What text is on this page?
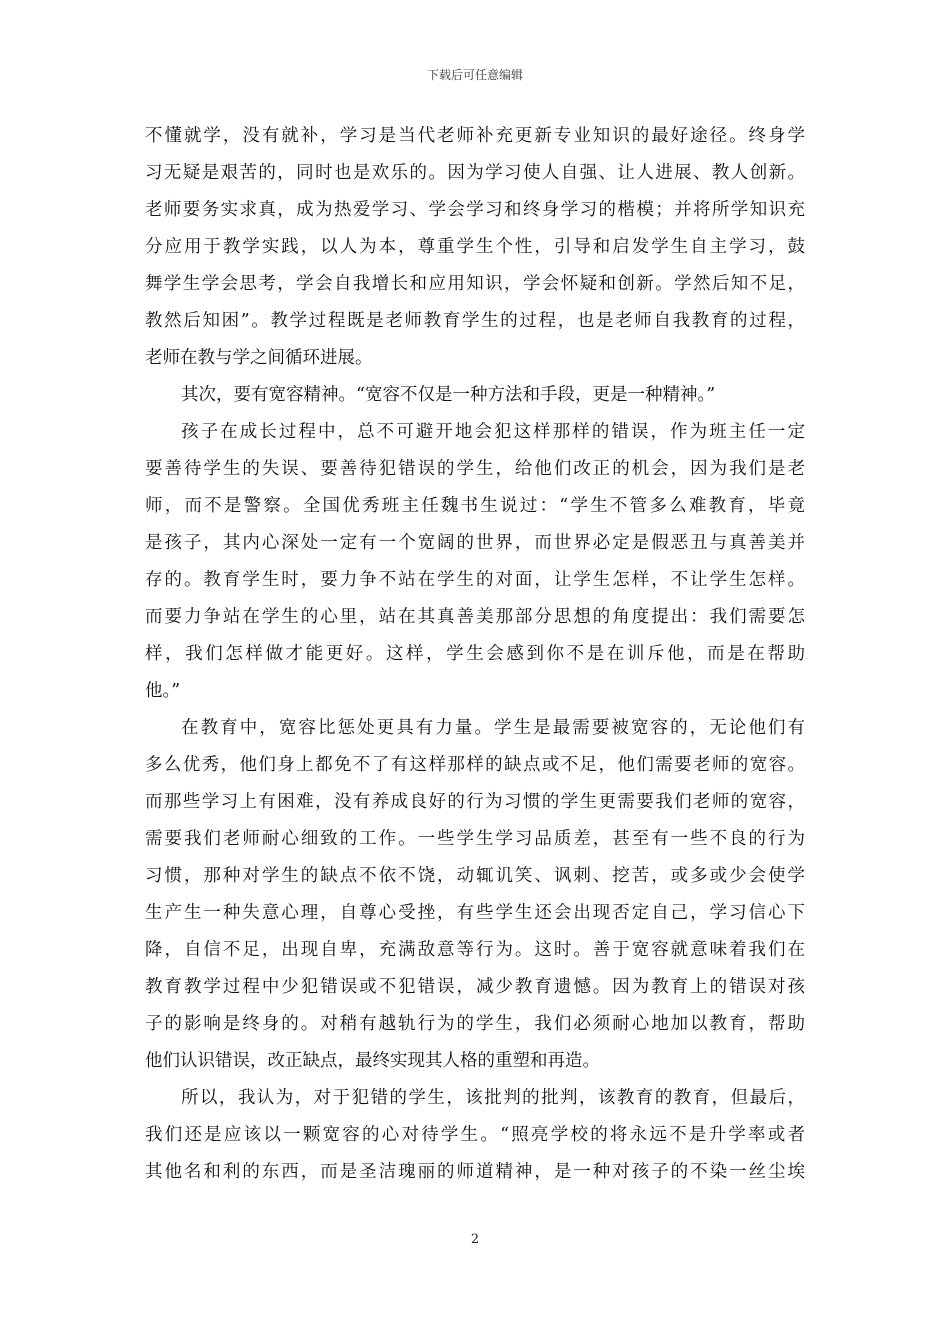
下载后可任意编辑
不懂就学，没有就补，学习是当代老师补充更新专业知识的最好途径。终身学
习无疑是艰苦的，同时也是欢乐的。因为学习使人自强、让人进展、教人创新。
老师要务实求真，成为热爱学习、学会学习和终身学习的楷模；并将所学知识充
分应用于教学实践，以人为本，尊重学生个性，引导和启发学生自主学习，鼓
舞学生学会思考，学会自我增长和应用知识，学会怀疑和创新。学然后知不足，
教然后知困”。教学过程既是老师教育学生的过程，也是老师自我教育的过程，
老师在教与学之间循环进展。
其次，要有宽容精神。“宽容不仅是一种方法和手段，更是一种精神。”
孩子在成长过程中，总不可避开地会犯这样那样的错误，作为班主任一定
要善待学生的失误、要善待犯错误的学生，给他们改正的机会，因为我们是老
师，而不是警察。全国优秀班主任魏书生说过：“学生不管多么难教育，毕竟
是孩子，其内心深处一定有一个宽阔的世界，而世界必定是假恶丑与真善美并
存的。教育学生时，要力争不站在学生的对面，让学生怎样，不让学生怎样。
而要力争站在学生的心里，站在其真善美那部分思想的角度提出：我们需要怎
样，我们怎样做才能更好。这样，学生会感到你不是在训斥他，而是在帮助
他。”
在教育中，宽容比惩处更具有力量。学生是最需要被宽容的，无论他们有
多么优秀，他们身上都免不了有这样那样的缺点或不足，他们需要老师的宽容。
而那些学习上有困难，没有养成良好的行为习惯的学生更需要我们老师的宽容，
需要我们老师耐心细致的工作。一些学生学习品质差，甚至有一些不良的行为
习惯，那种对学生的缺点不依不饶，动辄讥笑、讽刺、挖苦，或多或少会使学
生产生一种失意心理，自尊心受挫，有些学生还会出现否定自己，学习信心下
降，自信不足，出现自卑，充满敌意等行为。这时。善于宽容就意味着我们在
教育教学过程中少犯错误或不犯错误，减少教育遗憾。因为教育上的错误对孩
子的影响是终身的。对稍有越轨行为的学生，我们必须耐心地加以教育，帮助
他们认识错误，改正缺点，最终实现其人格的重塑和再造。
所以，我认为，对于犯错的学生，该批判的批判，该教育的教育，但最后，
我们还是应该以一颗宽容的心对待学生。“照亮学校的将永远不是升学率或者
其他名和利的东西，而是圣洁瑰丽的师道精神，是一种对孩子的不染一丝尘埃
2
